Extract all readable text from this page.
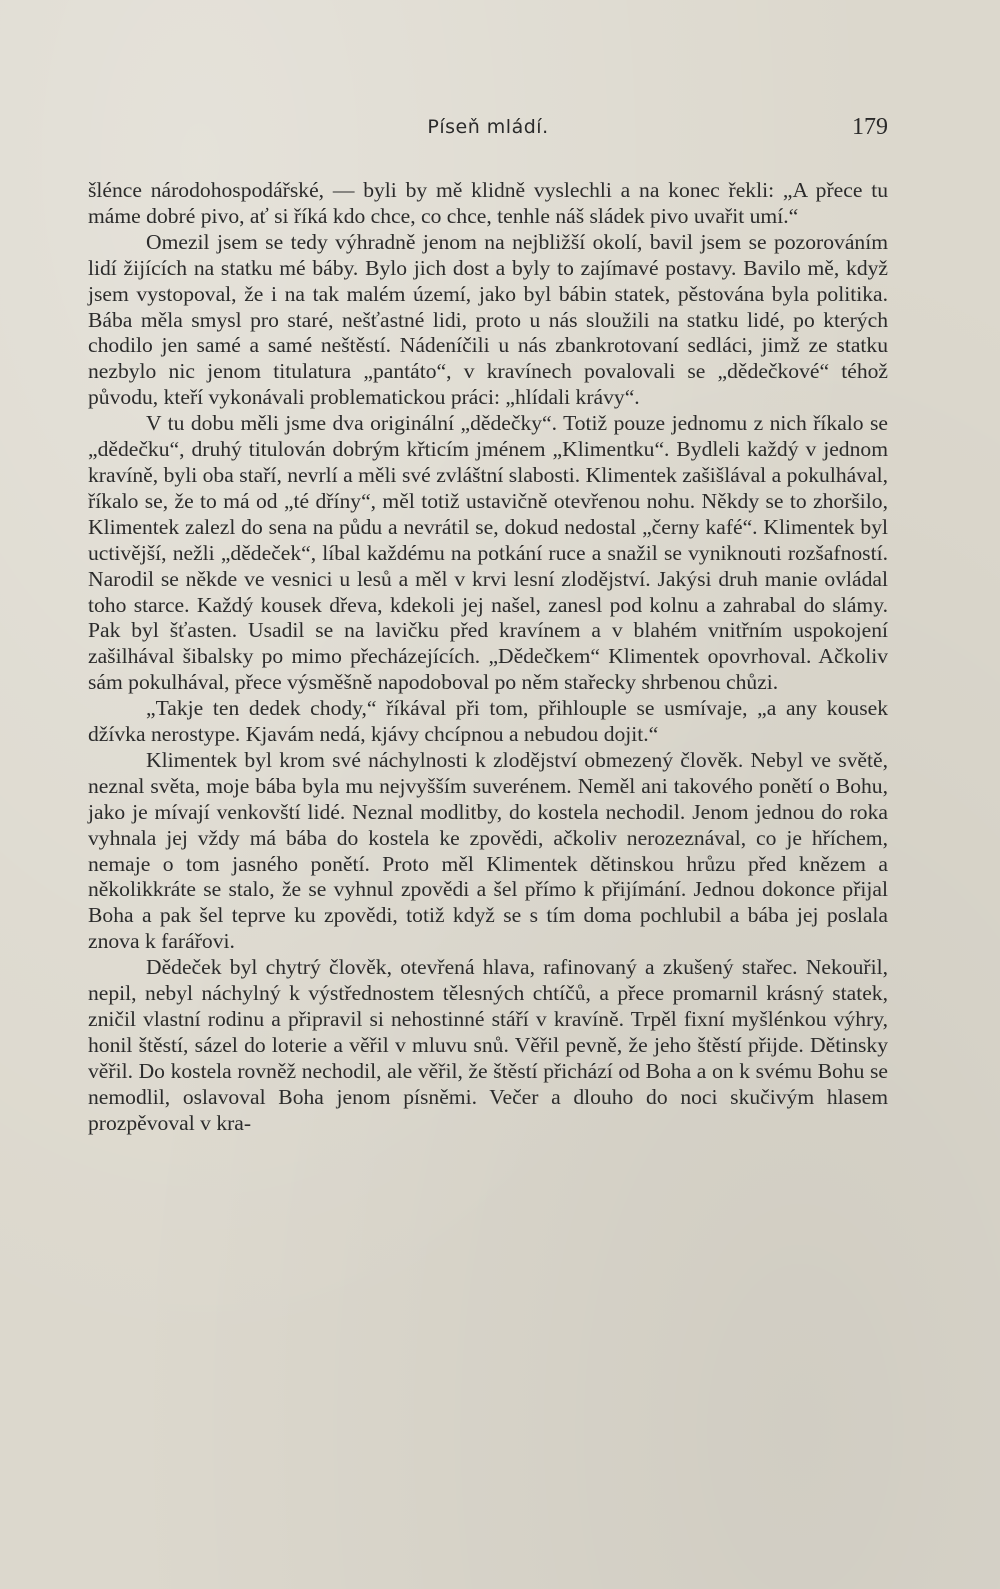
Píseň mládí.	179

šlénce národohospodářské, — byli by mě klidně vyslechli a na konec řekli: „A přece tu máme dobré pivo, ať si říká kdo chce, co chce, tenhle náš sládek pivo uvařit umí.“

Omezil jsem se tedy výhradně jenom na nejbližší okolí, bavil jsem se pozorováním lidí žijících na statku mé báby. Bylo jich dost a byly to zajímavé postavy. Bavilo mě, když jsem vystopoval, že i na tak malém území, jako byl bábin statek, pěstována byla politika. Bába měla smysl pro staré, nešťastné lidi, proto u nás sloužili na statku lidé, po kterých chodilo jen samé a samé neštěstí. Nádeníčili u nás zbankrotovaní sedláci, jimž ze statku nezbylo nic jenom titulatura „pantáto“, v kravínech povalovali se „dědečkové“ téhož původu, kteří vykonávali problematickou práci: „hlídali krávy“.

V tu dobu měli jsme dva originální „dědečky“. Totiž pouze jednomu z nich říkalo se „dědečku“, druhý titulován dobrým křticím jménem „Klimentku“. Bydleli každý v jednom kravíně, byli oba staří, nevrlí a měli své zvláštní slabosti. Klimentek zašišlával a pokulhával, říkalo se, že to má od „té dříny“, měl totiž ustavičně otevřenou nohu. Někdy se to zhoršilo, Klimentek zalezl do sena na půdu a nevrátil se, dokud nedostal „černy kafé“. Klimentek byl uctivější, nežli „dědeček“, líbal každému na potkání ruce a snažil se vyniknouti rozšafností. Narodil se někde ve vesnici u lesů a měl v krvi lesní zlodějství. Jakýsi druh manie ovládal toho starce. Každý kousek dřeva, kdekoli jej našel, zanesl pod kolnu a zahrabal do slámy. Pak byl šťasten. Usadil se na lavičku před kravínem a v blahém vnitřním uspokojení zašilhával šibalsky po mimo přecházejících. „Dědečkem“ Klimentek opovrhoval. Ačkoliv sám pokulhával, přece výsměšně napodoboval po něm stařecky shrbenou chůzi.

„Takje ten dedek chody,“ říkával při tom, přihlouple se usmívaje, „a any kousek džívka nerostype. Kjavám nedá, kjávy chcípnou a nebudou dojit.“

Klimentek byl krom své náchylnosti k zlodějství obmezený člověk. Nebyl ve světě, neznal světa, moje bába byla mu nejvyšším suverénem. Neměl ani takového ponětí o Bohu, jako je mívají venkovští lidé. Neznal modlitby, do kostela nechodil. Jenom jednou do roka vyhnala jej vždy má bába do kostela ke zpovědi, ačkoliv nerozeznával, co je hříchem, nemaje o tom jasného ponětí. Proto měl Klimentek dětinskou hrůzu před knězem a několikkráte se stalo, že se vyhnul zpovědi a šel přímo k přijímání. Jednou dokonce přijal Boha a pak šel teprve ku zpovědi, totiž když se s tím doma pochlubil a bába jej poslala znova k farářovi.

Dědeček byl chytrý člověk, otevřená hlava, rafinovaný a zkušený stařec. Nekouřil, nepil, nebyl náchylný k výstřednostem tělesných chtíčů, a přece promarnil krásný statek, zničil vlastní rodinu a připravil si nehostinné stáří v kravíně. Trpěl fixní myšlénkou výhry, honil štěstí, sázel do loterie a věřil v mluvu snů. Věřil pevně, že jeho štěstí přijde. Dětinsky věřil. Do kostela rovněž nechodil, ale věřil, že štěstí přichází od Boha a on k svému Bohu se nemodlil, oslavoval Boha jenom písněmi. Večer a dlouho do noci skučivým hlasem prozpěvoval v kra-
